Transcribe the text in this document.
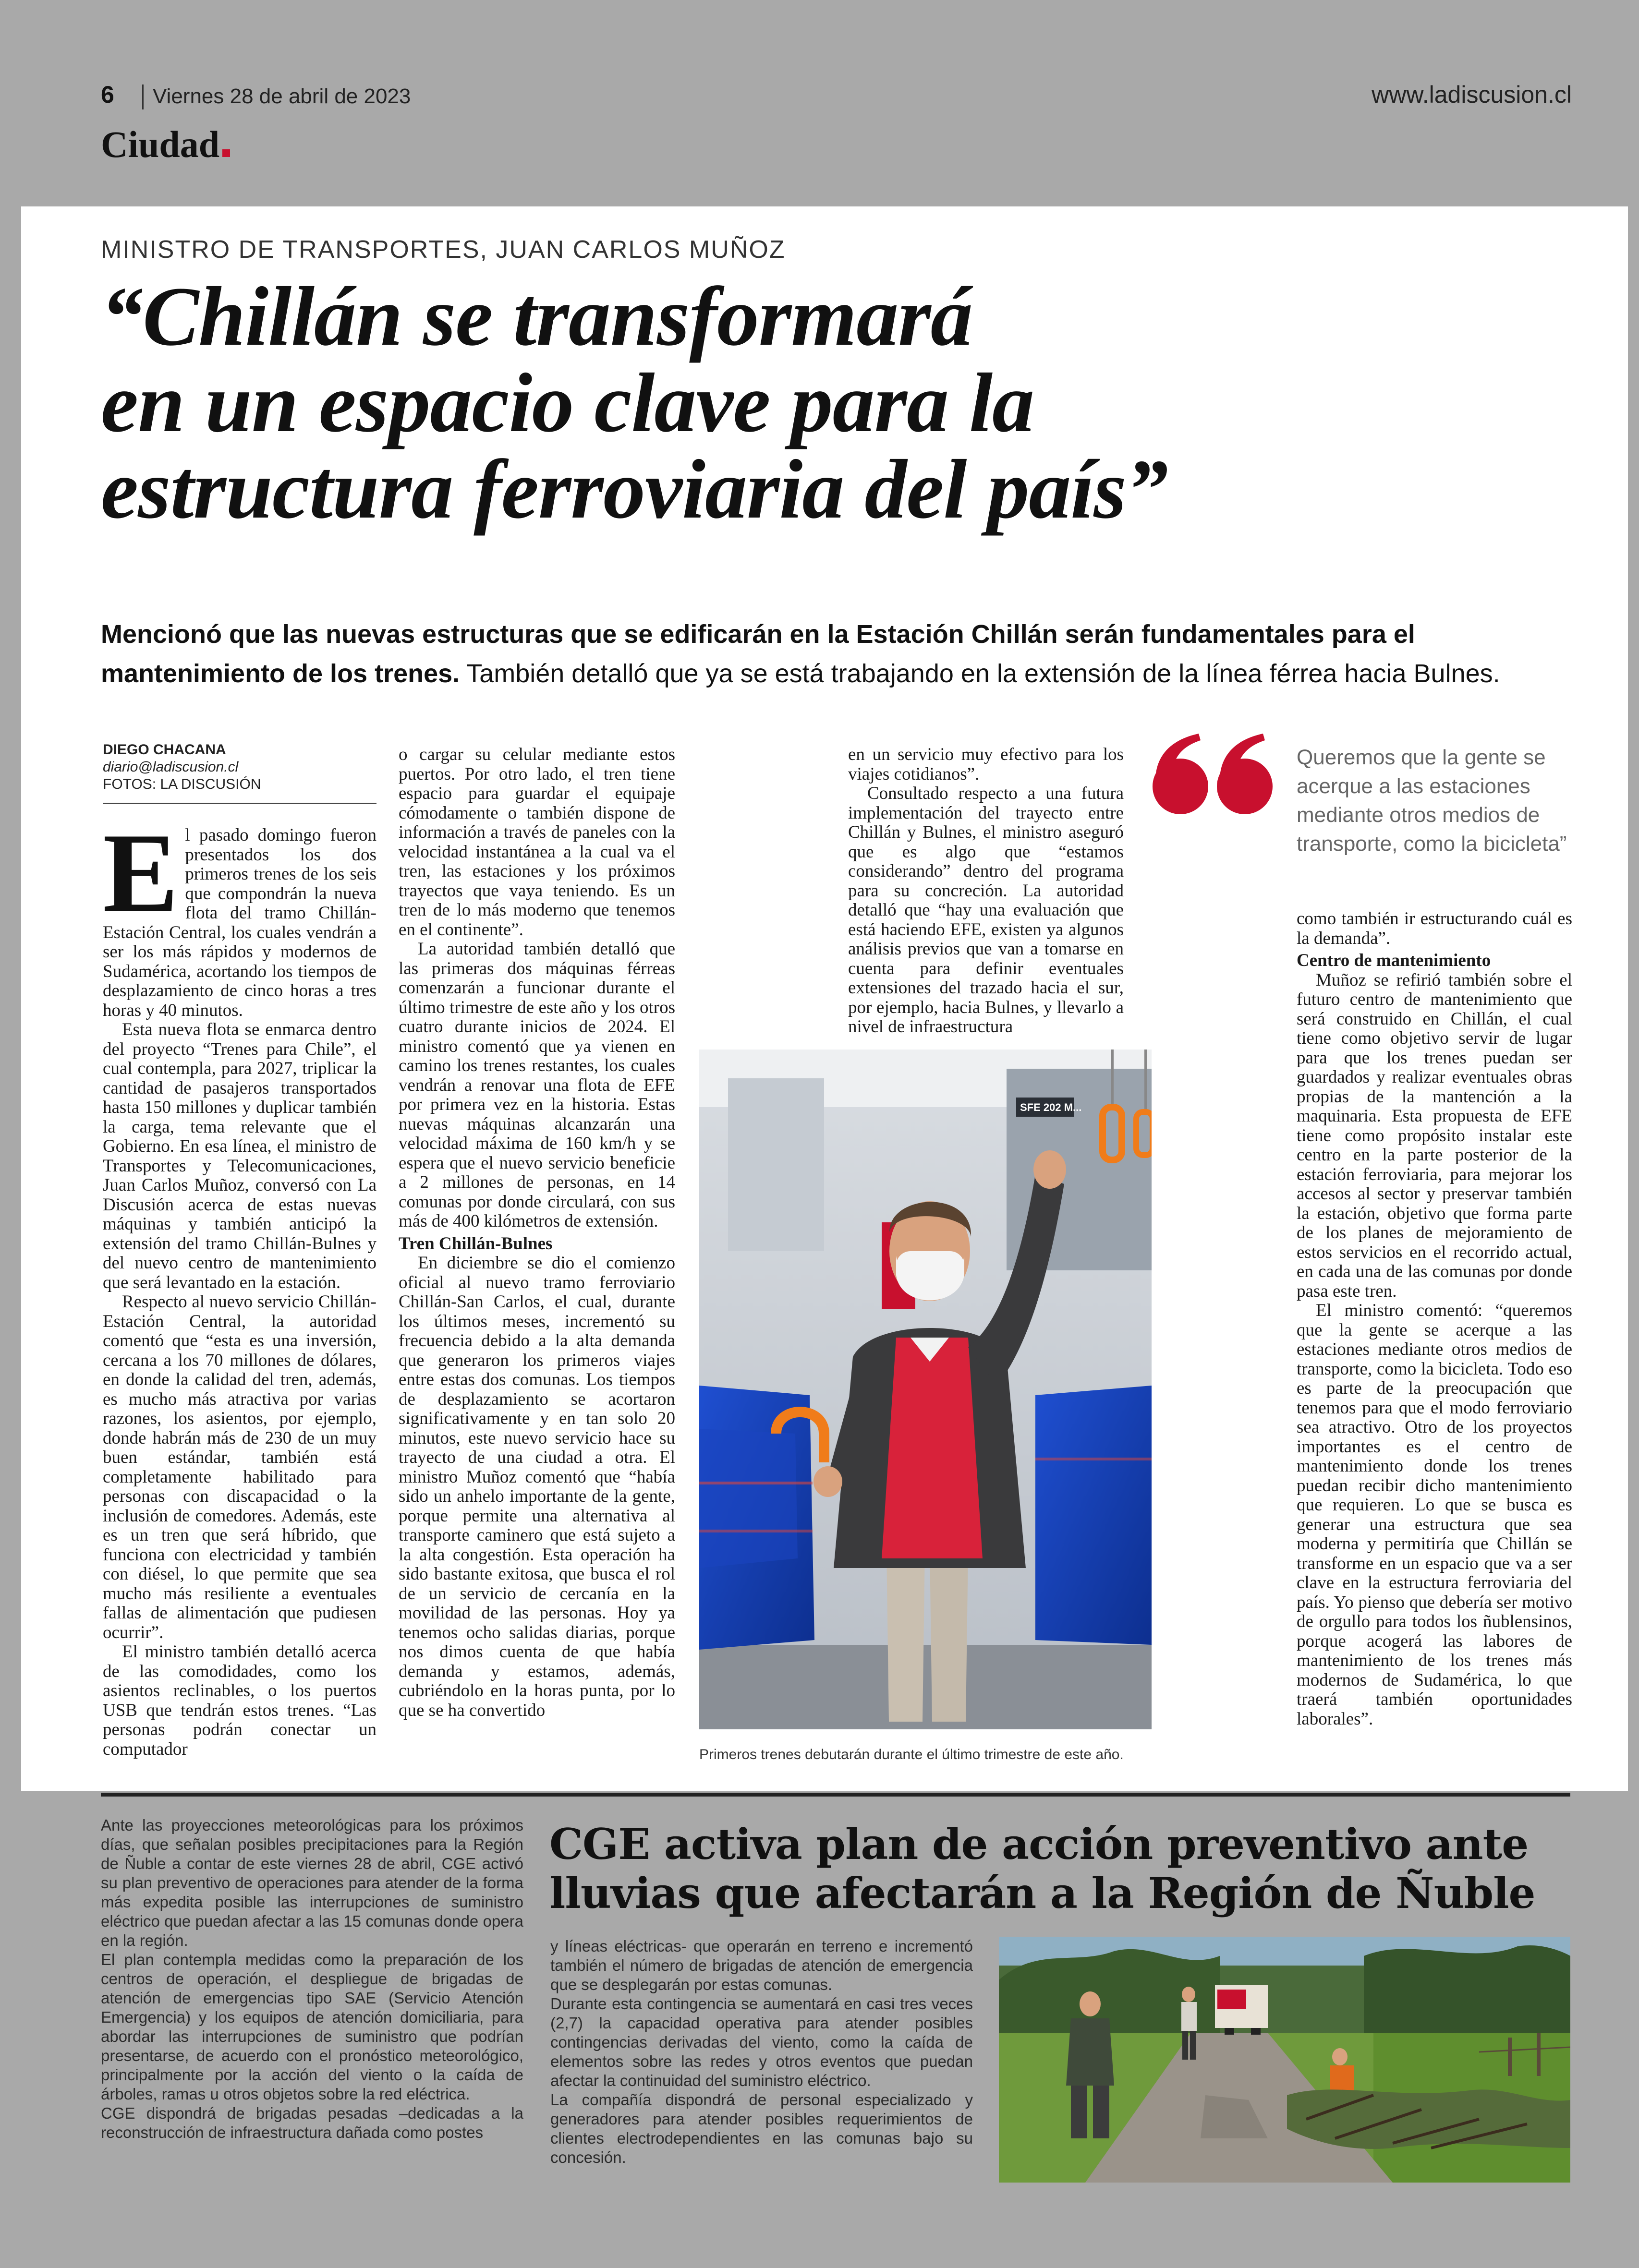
6 Viernes 28 de abril de 2023	www.ladiscusion.cl
Ciudad
MINISTRO DE TRANSPORTES, JUAN CARLOS MUÑOZ
“Chillán se transformará
en un espacio clave para la
estructura ferroviaria del país”
Mencionó que las nuevas estructuras que se edificarán en la Estación Chillán serán fundamentales para el
mantenimiento de los trenes. También detalló que ya se está trabajando en la extensión de la línea férrea hacia Bulnes.
DIEGO CHACANA
diario@ladiscusion.cl
FOTOS: LA DISCUSIÓN

El pasado domingo fueron presentados los dos primeros trenes de los seis que compondrán la nueva flota del tramo Chillán-Estación Central, los cuales vendrán a ser los más rápidos y modernos de Sudamérica, acortando los tiempos de desplazamiento de cinco horas a tres horas y 40 minutos.

Esta nueva flota se enmarca dentro del proyecto “Trenes para Chile”, el cual contempla, para 2027, triplicar la cantidad de pasajeros transportados hasta 150 millones y duplicar también la carga, tema relevante que el Gobierno. En esa línea, el ministro de Transportes y Telecomunicaciones, Juan Carlos Muñoz, conversó con La Discusión acerca de estas nuevas máquinas y también anticipó la extensión del tramo Chillán-Bulnes y del nuevo centro de mantenimiento que será levantado en la estación.

Respecto al nuevo servicio Chillán-Estación Central, la autoridad comentó que “esta es una inversión, cercana a los 70 millones de dólares, en donde la calidad del tren, además, es mucho más atractiva por varias razones, los asientos, por ejemplo, donde habrán más de 230 de un muy buen estándar, también está completamente habilitado para personas con discapacidad o la inclusión de comedores. Además, este es un tren que será híbrido, que funciona con electricidad y también con diésel, lo que permite que sea mucho más resiliente a eventuales fallas de alimentación que pudiesen ocurrir”.

El ministro también detalló acerca de las comodidades, como los asientos reclinables, o los puertos USB que tendrán estos trenes. “Las personas podrán conectar un computador

o cargar su celular mediante estos puertos. Por otro lado, el tren tiene espacio para guardar el equipaje cómodamente o también dispone de información a través de paneles con la velocidad instantánea a la cual va el tren, las estaciones y los próximos trayectos que vaya teniendo. Es un tren de lo más moderno que tenemos en el continente”.

La autoridad también detalló que las primeras dos máquinas férreas comenzarán a funcionar durante el último trimestre de este año y los otros cuatro durante inicios de 2024. El ministro comentó que ya vienen en camino los trenes restantes, los cuales vendrán a renovar una flota de EFE por primera vez en la historia. Estas nuevas máquinas alcanzarán una velocidad máxima de 160 km/h y se espera que el nuevo servicio beneficie a 2 millones de personas, en 14 comunas por donde circulará, con sus más de 400 kilómetros de extensión.

Tren Chillán-Bulnes

En diciembre se dio el comienzo oficial al nuevo tramo ferroviario Chillán-San Carlos, el cual, durante los últimos meses, incrementó su frecuencia debido a la alta demanda que generaron los primeros viajes entre estas dos comunas. Los tiempos de desplazamiento se acortaron significativamente y en tan solo 20 minutos, este nuevo servicio hace su trayecto de una ciudad a otra. El ministro Muñoz comentó que “había sido un anhelo importante de la gente, porque permite una alternativa al transporte caminero que está sujeto a la alta congestión. Esta operación ha sido bastante exitosa, que busca el rol de un servicio de cercanía en la movilidad de las personas. Hoy ya tenemos ocho salidas diarias, porque nos dimos cuenta de que había demanda y estamos, además, cubriéndolo en la horas punta, por lo que se ha convertido

en un servicio muy efectivo para los viajes cotidianos”.

Consultado respecto a una futura implementación del trayecto entre Chillán y Bulnes, el ministro aseguró que es algo que “estamos considerando” dentro del programa para su concreción. La autoridad detalló que “hay una evaluación que está haciendo EFE, existen ya algunos análisis previos que van a tomarse en cuenta para definir eventuales extensiones del trazado hacia el sur, por ejemplo, hacia Bulnes, y llevarlo a nivel de infraestructura

Queremos que la gente se acerque a las estaciones mediante otros medios de transporte, como la bicicleta”

como también ir estructurando cuál es la demanda”.

Centro de mantenimiento

Muñoz se refirió también sobre el futuro centro de mantenimiento que será construido en Chillán, el cual tiene como objetivo servir de lugar para que los trenes puedan ser guardados y realizar eventuales obras propias de la mantención a la maquinaria. Esta propuesta de EFE tiene como propósito instalar este centro en la parte posterior de la estación ferroviaria, para mejorar los accesos al sector y preservar también la estación, objetivo que forma parte de los planes de mejoramiento de estos servicios en el recorrido actual, en cada una de las comunas por donde pasa este tren.

El ministro comentó: “queremos que la gente se acerque a las estaciones mediante otros medios de transporte, como la bicicleta. Todo eso es parte de la preocupación que tenemos para que el modo ferroviario sea atractivo. Otro de los proyectos importantes es el centro de mantenimiento donde los trenes puedan recibir dicho mantenimiento que requieren. Lo que se busca es generar una estructura que sea moderna y permitiría que Chillán se transforme en un espacio que va a ser clave en la estructura ferroviaria del país. Yo pienso que debería ser motivo de orgullo para todos los ñublensinos, porque acogerá las labores de mantenimiento de los trenes más modernos de Sudamérica, lo que traerá también oportunidades laborales”.

SFE 202 M...
Primeros trenes debutarán durante el último trimestre de este año.

Ante las proyecciones meteorológicas para los próximos días, que señalan posibles precipitaciones para la Región de Ñuble a contar de este viernes 28 de abril, CGE activó su plan preventivo de operaciones para atender de la forma más expedita posible las interrupciones de suministro eléctrico que puedan afectar a las 15 comunas donde opera en la región.

El plan contempla medidas como la preparación de los centros de operación, el despliegue de brigadas de atención de emergencias tipo SAE (Servicio Atención Emergencia) y los equipos de atención domiciliaria, para abordar las interrupciones de suministro que podrían presentarse, de acuerdo con el pronóstico meteorológico, principalmente por la acción del viento o la caída de árboles, ramas u otros objetos sobre la red eléctrica.

CGE dispondrá de brigadas pesadas –dedicadas a la reconstrucción de infraestructura dañada como postes

CGE activa plan de acción preventivo ante
lluvias que afectarán a la Región de Ñuble

y líneas eléctricas- que operarán en terreno e incrementó también el número de brigadas de atención de emergencia que se desplegarán por estas comunas.

Durante esta contingencia se aumentará en casi tres veces (2,7) la capacidad operativa para atender posibles contingencias derivadas del viento, como la caída de elementos sobre las redes y otros eventos que puedan afectar la continuidad del suministro eléctrico.

La compañía dispondrá de personal especializado y generadores para atender posibles requerimientos de clientes electrodependientes en las comunas bajo su concesión.
